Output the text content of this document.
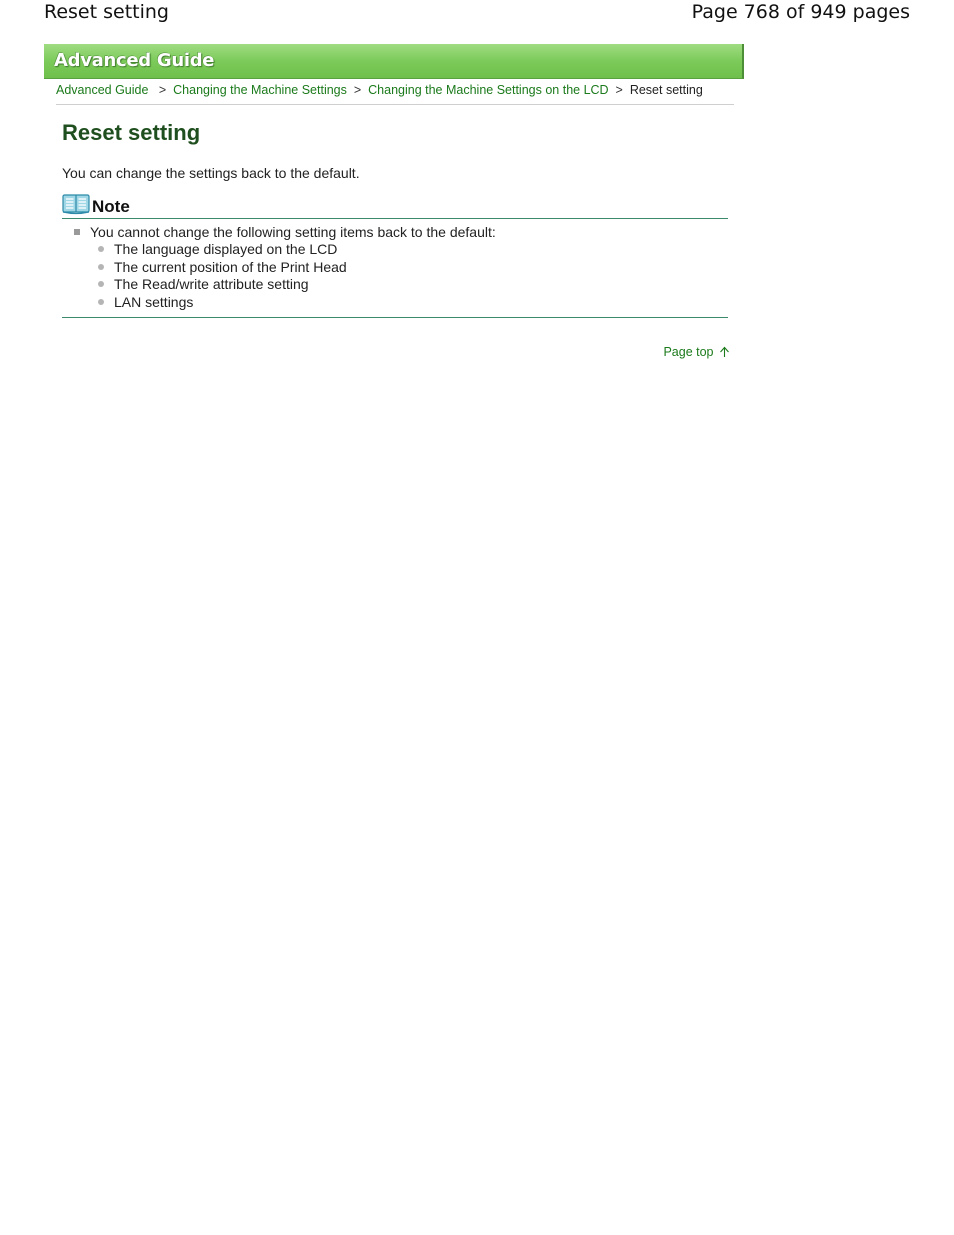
Reset setting	Page 768 of 949 pages
Advanced Guide
Advanced Guide > Changing the Machine Settings > Changing the Machine Settings on the LCD > Reset setting
Reset setting
You can change the settings back to the default.
Note
You cannot change the following setting items back to the default:
The language displayed on the LCD
The current position of the Print Head
The Read/write attribute setting
LAN settings
Page top
